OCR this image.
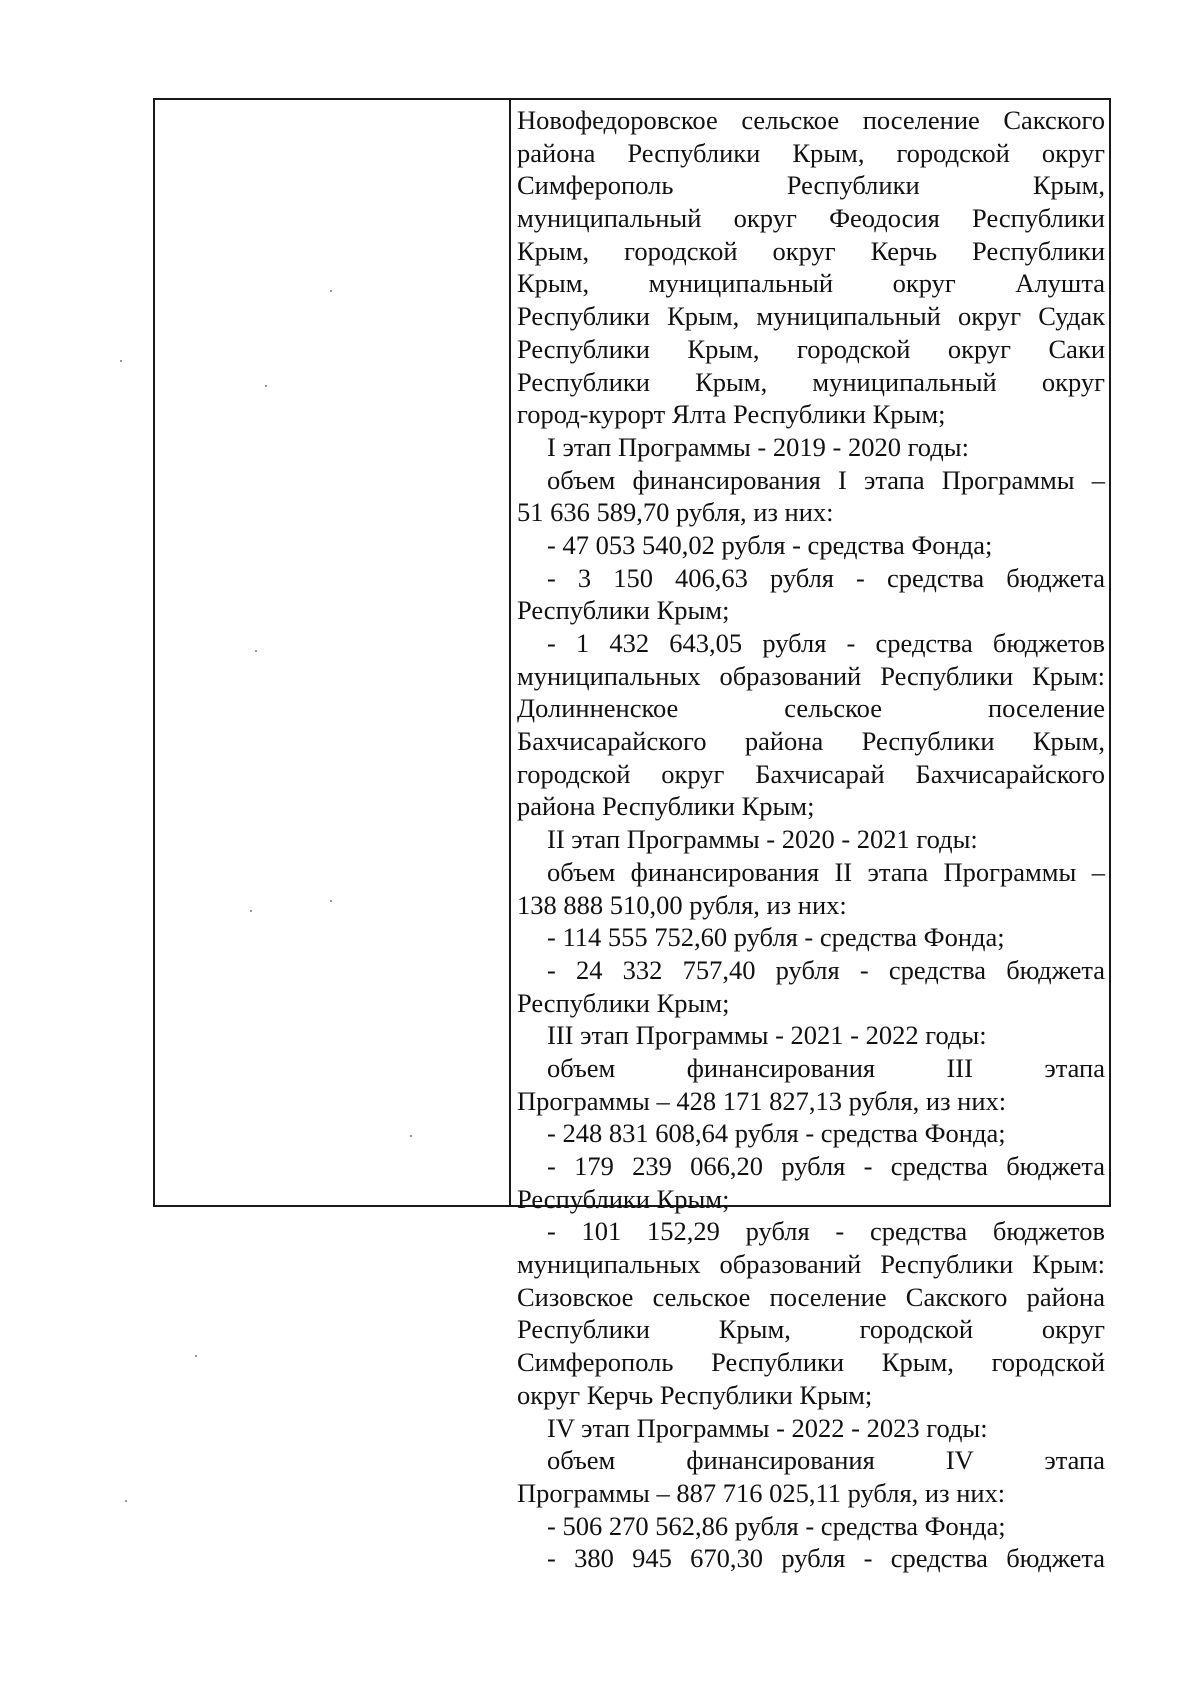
Новофедоровское сельское поселение Сакского
района Республики Крым, городской округ
Симферополь Республики Крым,
муниципальный округ Феодосия Республики
Крым, городской округ Керчь Республики
Крым, муниципальный округ Алушта
Республики Крым, муниципальный округ Судак
Республики Крым, городской округ Саки
Республики Крым, муниципальный округ
город-курорт Ялта Республики Крым;
I этап Программы - 2019 - 2020 годы:
объем финансирования I этапа Программы –
51 636 589,70 рубля, из них:
- 47 053 540,02 рубля - средства Фонда;
- 3 150 406,63 рубля - средства бюджета
Республики Крым;
- 1 432 643,05 рубля - средства бюджетов
муниципальных образований Республики Крым:
Долинненское сельское поселение
Бахчисарайского района Республики Крым,
городской округ Бахчисарай Бахчисарайского
района Республики Крым;
II этап Программы - 2020 - 2021 годы:
объем финансирования II этапа Программы –
138 888 510,00 рубля, из них:
- 114 555 752,60 рубля - средства Фонда;
- 24 332 757,40 рубля - средства бюджета
Республики Крым;
III этап Программы - 2021 - 2022 годы:
объем финансирования III этапа
Программы – 428 171 827,13 рубля, из них:
- 248 831 608,64 рубля - средства Фонда;
- 179 239 066,20 рубля - средства бюджета
Республики Крым;
- 101 152,29 рубля - средства бюджетов
муниципальных образований Республики Крым:
Сизовское сельское поселение Сакского района
Республики Крым, городской округ
Симферополь Республики Крым, городской
округ Керчь Республики Крым;
IV этап Программы - 2022 - 2023 годы:
объем финансирования IV этапа
Программы – 887 716 025,11 рубля, из них:
- 506 270 562,86 рубля - средства Фонда;
- 380 945 670,30 рубля - средства бюджета
